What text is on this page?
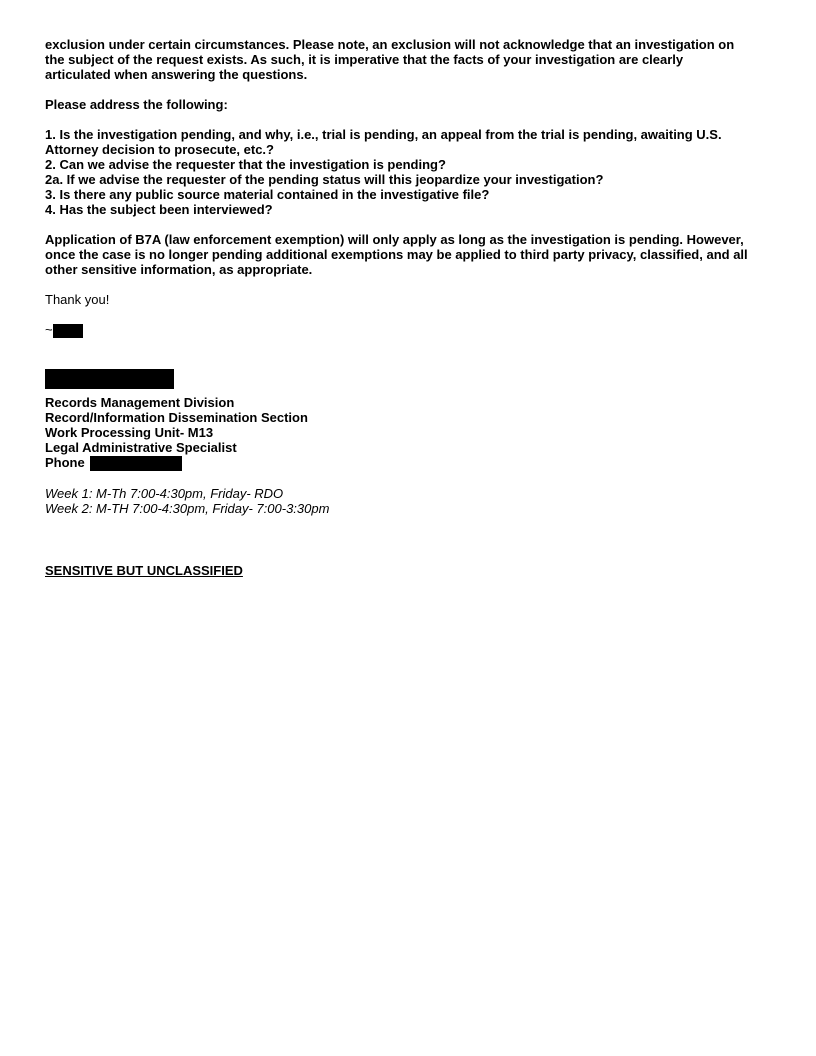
exclusion under certain circumstances. Please note, an exclusion will not acknowledge that an investigation on

the subject of the request exists. As such, it is imperative that the facts of your investigation are clearly

articulated when answering the questions.

Please address the following:

1. Is the investigation pending, and why, i.e., trial is pending, an appeal from the trial is pending, awaiting U.S.

Attorney decision to prosecute, etc.?

2. Can we advise the requester that the investigation is pending?

2a. If we advise the requester of the pending status will this jeopardize your investigation?

3. Is there any public source material contained in the investigative file?

4. Has the subject been interviewed?

Application of B7A (law enforcement exemption) will only apply as long as the investigation is pending. However,

once the case is no longer pending additional exemptions may be applied to third party privacy, classified, and all

other sensitive information, as appropriate.

Thank you!

~

Records Management Division

Record/Information Dissemination Section

Work Processing Unit- M13

Legal Administrative Specialist

Phone

Week 1: M-Th 7:00-4:30pm, Friday- RDO

Week 2: M-TH 7:00-4:30pm, Friday- 7:00-3:30pm

SENSITIVE BUT UNCLASSIFIED
